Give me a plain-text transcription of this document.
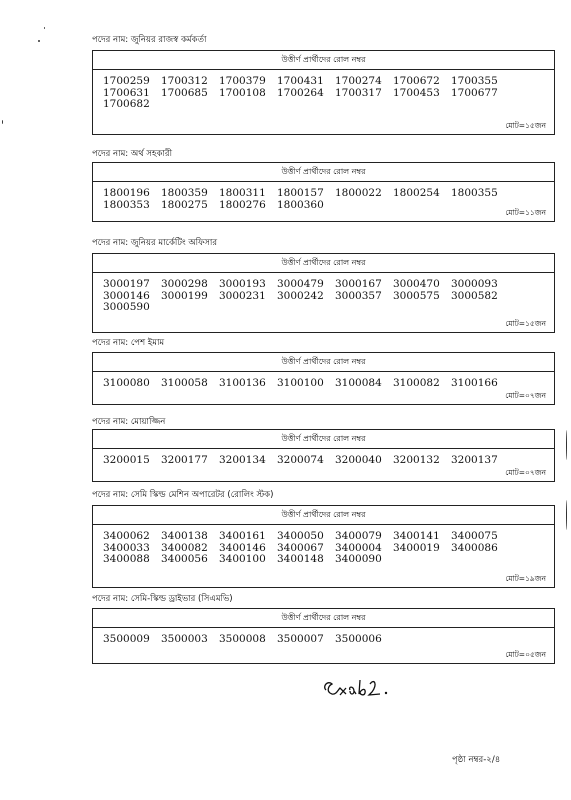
পদের নাম: জুনিয়র রাজস্ব কর্মকর্তা
উত্তীর্ণ প্রার্থীদের রোল নম্বর
1700259	1700312	1700379	1700431	1700274	1700672	1700355
1700631	1700685	1700108	1700264	1700317	1700453	1700677
1700682
মোট=১৫জন
পদের নাম: অর্থ সহকারী
উত্তীর্ণ প্রার্থীদের রোল নম্বর
1800196	1800359	1800311	1800157	1800022	1800254	1800355
1800353	1800275	1800276	1800360
মোট=১১জন
পদের নাম: জুনিয়র মার্কেটিং অফিসার
উত্তীর্ণ প্রার্থীদের রোল নম্বর
3000197	3000298	3000193	3000479	3000167	3000470	3000093
3000146	3000199	3000231	3000242	3000357	3000575	3000582
3000590
মোট=১৫জন
পদের নাম: পেশ ইমাম
উত্তীর্ণ প্রার্থীদের রোল নম্বর
3100080	3100058	3100136	3100100	3100084	3100082	3100166
মোট=০৭জন
পদের নাম: মোয়াজ্জিন
উত্তীর্ণ প্রার্থীদের রোল নম্বর
3200015	3200177	3200134	3200074	3200040	3200132	3200137
মোট=০৭জন
পদের নাম: সেমি স্কিল্ড মেশিন অপারেটর (রোলিং স্টক)
উত্তীর্ণ প্রার্থীদের রোল নম্বর
3400062	3400138	3400161	3400050	3400079	3400141	3400075
3400033	3400082	3400146	3400067	3400004	3400019	3400086
3400088	3400056	3400100	3400148	3400090
মোট=১৯জন
পদের নাম: সেমি-স্কিল্ড ড্রাইভার (সিএমভি)
উত্তীর্ণ প্রার্থীদের রোল নম্বর
3500009	3500003	3500008	3500007	3500006
মোট=০৫জন
পৃষ্ঠা নম্বর-২/৪
